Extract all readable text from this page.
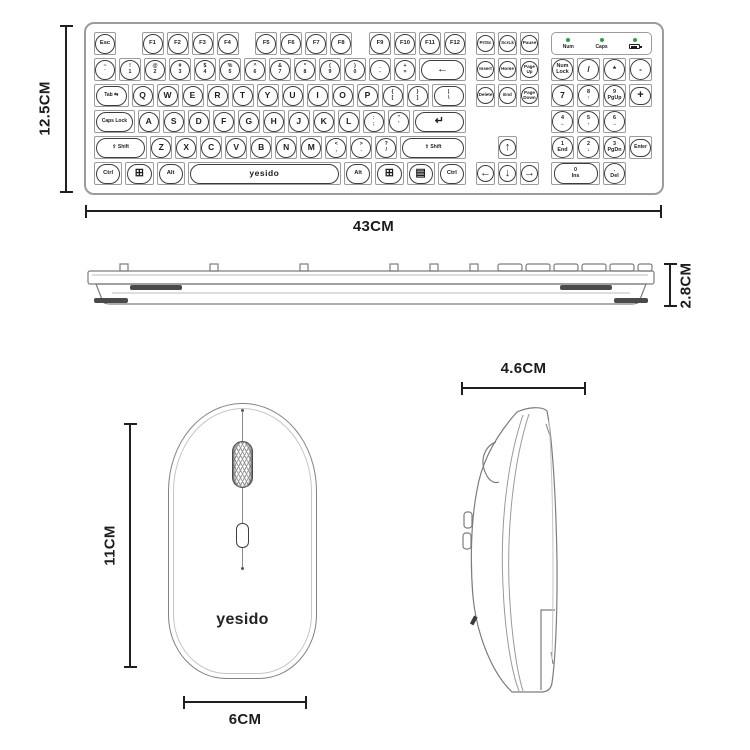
Esc	F1	F2	F3	F4	F5	F6	F7	F8	F9	F10	F11	F12
~
`
!
1
@
2
#
3
$
4
%
5
^
6
&
7
*
8
(
9
)
0
_
-
+
=	←
Tab ⇆ Q W E R T Y U I O P	{
[
}
]
|
\
Caps Lock A S D F G H J K L	:
;
"
'	↵
⇧ Shift	Z X C V B N M	<
,
>
.
?
/	⇧ Shift
Ctrl ⊞	Alt	yesido	Alt ⊞ ▤	Ctrl
PrtSc ScrLk Pause
Insert Home Page
Up
Delete End	Page
Down
↑
← ↓ →
Num	Caps
Num
Lock /	*	-
7	8
↑
9
PgUp +
4
←
5
-
6
→
1
End
2
↓
3
PgDn	Enter
0
Ins
.
Del
12.5CM
43CM
2.8CM
yesido
11CM
6CM
4.6CM
